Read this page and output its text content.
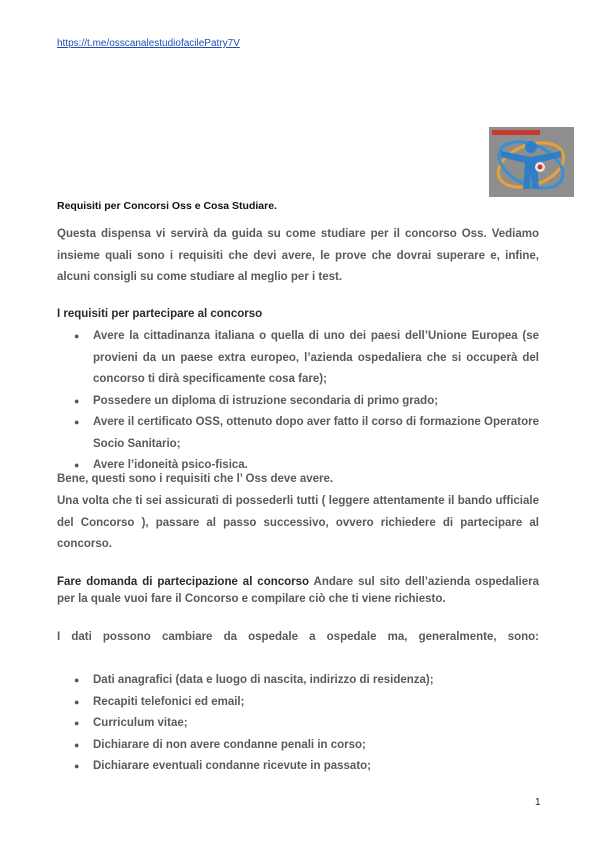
https://t.me/osscanalestudiofacilePatry7V
Requisiti per Concorsi Oss e Cosa Studiare.

Questa dispensa vi servirà da guida su come studiare per il concorso Oss. Vediamo insieme quali sono i requisiti che devi avere, le prove che dovrai superare e, infine, alcuni consigli su come studiare al meglio per i test.

I requisiti per partecipare al concorso
● Avere la cittadinanza italiana o quella di uno dei paesi dell’Unione Europea (se provieni da un paese extra europeo, l’azienda ospedaliera che si occuperà del concorso ti dirà specificamente cosa fare);
● Possedere un diploma di istruzione secondaria di primo grado;
● Avere il certificato OSS, ottenuto dopo aver fatto il corso di formazione Operatore Socio Sanitario;
● Avere l’idoneità psico-fisica.

Bene, questi sono i requisiti che l’ Oss deve avere.

Una volta che ti sei assicurati di possederli tutti ( leggere attentamente il bando ufficiale del Concorso ), passare al passo successivo, ovvero richiedere di partecipare al concorso.

Fare domanda di partecipazione al concorso Andare sul sito dell’azienda ospedaliera per la quale vuoi fare il Concorso e compilare ciò che ti viene richiesto.

I dati possono cambiare da ospedale a ospedale ma, generalmente, sono:

● Dati anagrafici (data e luogo di nascita, indirizzo di residenza);
● Recapiti telefonici ed email;
● Curriculum vitae;
● Dichiarare di non avere condanne penali in corso;
● Dichiarare eventuali condanne ricevute in passato;
1
